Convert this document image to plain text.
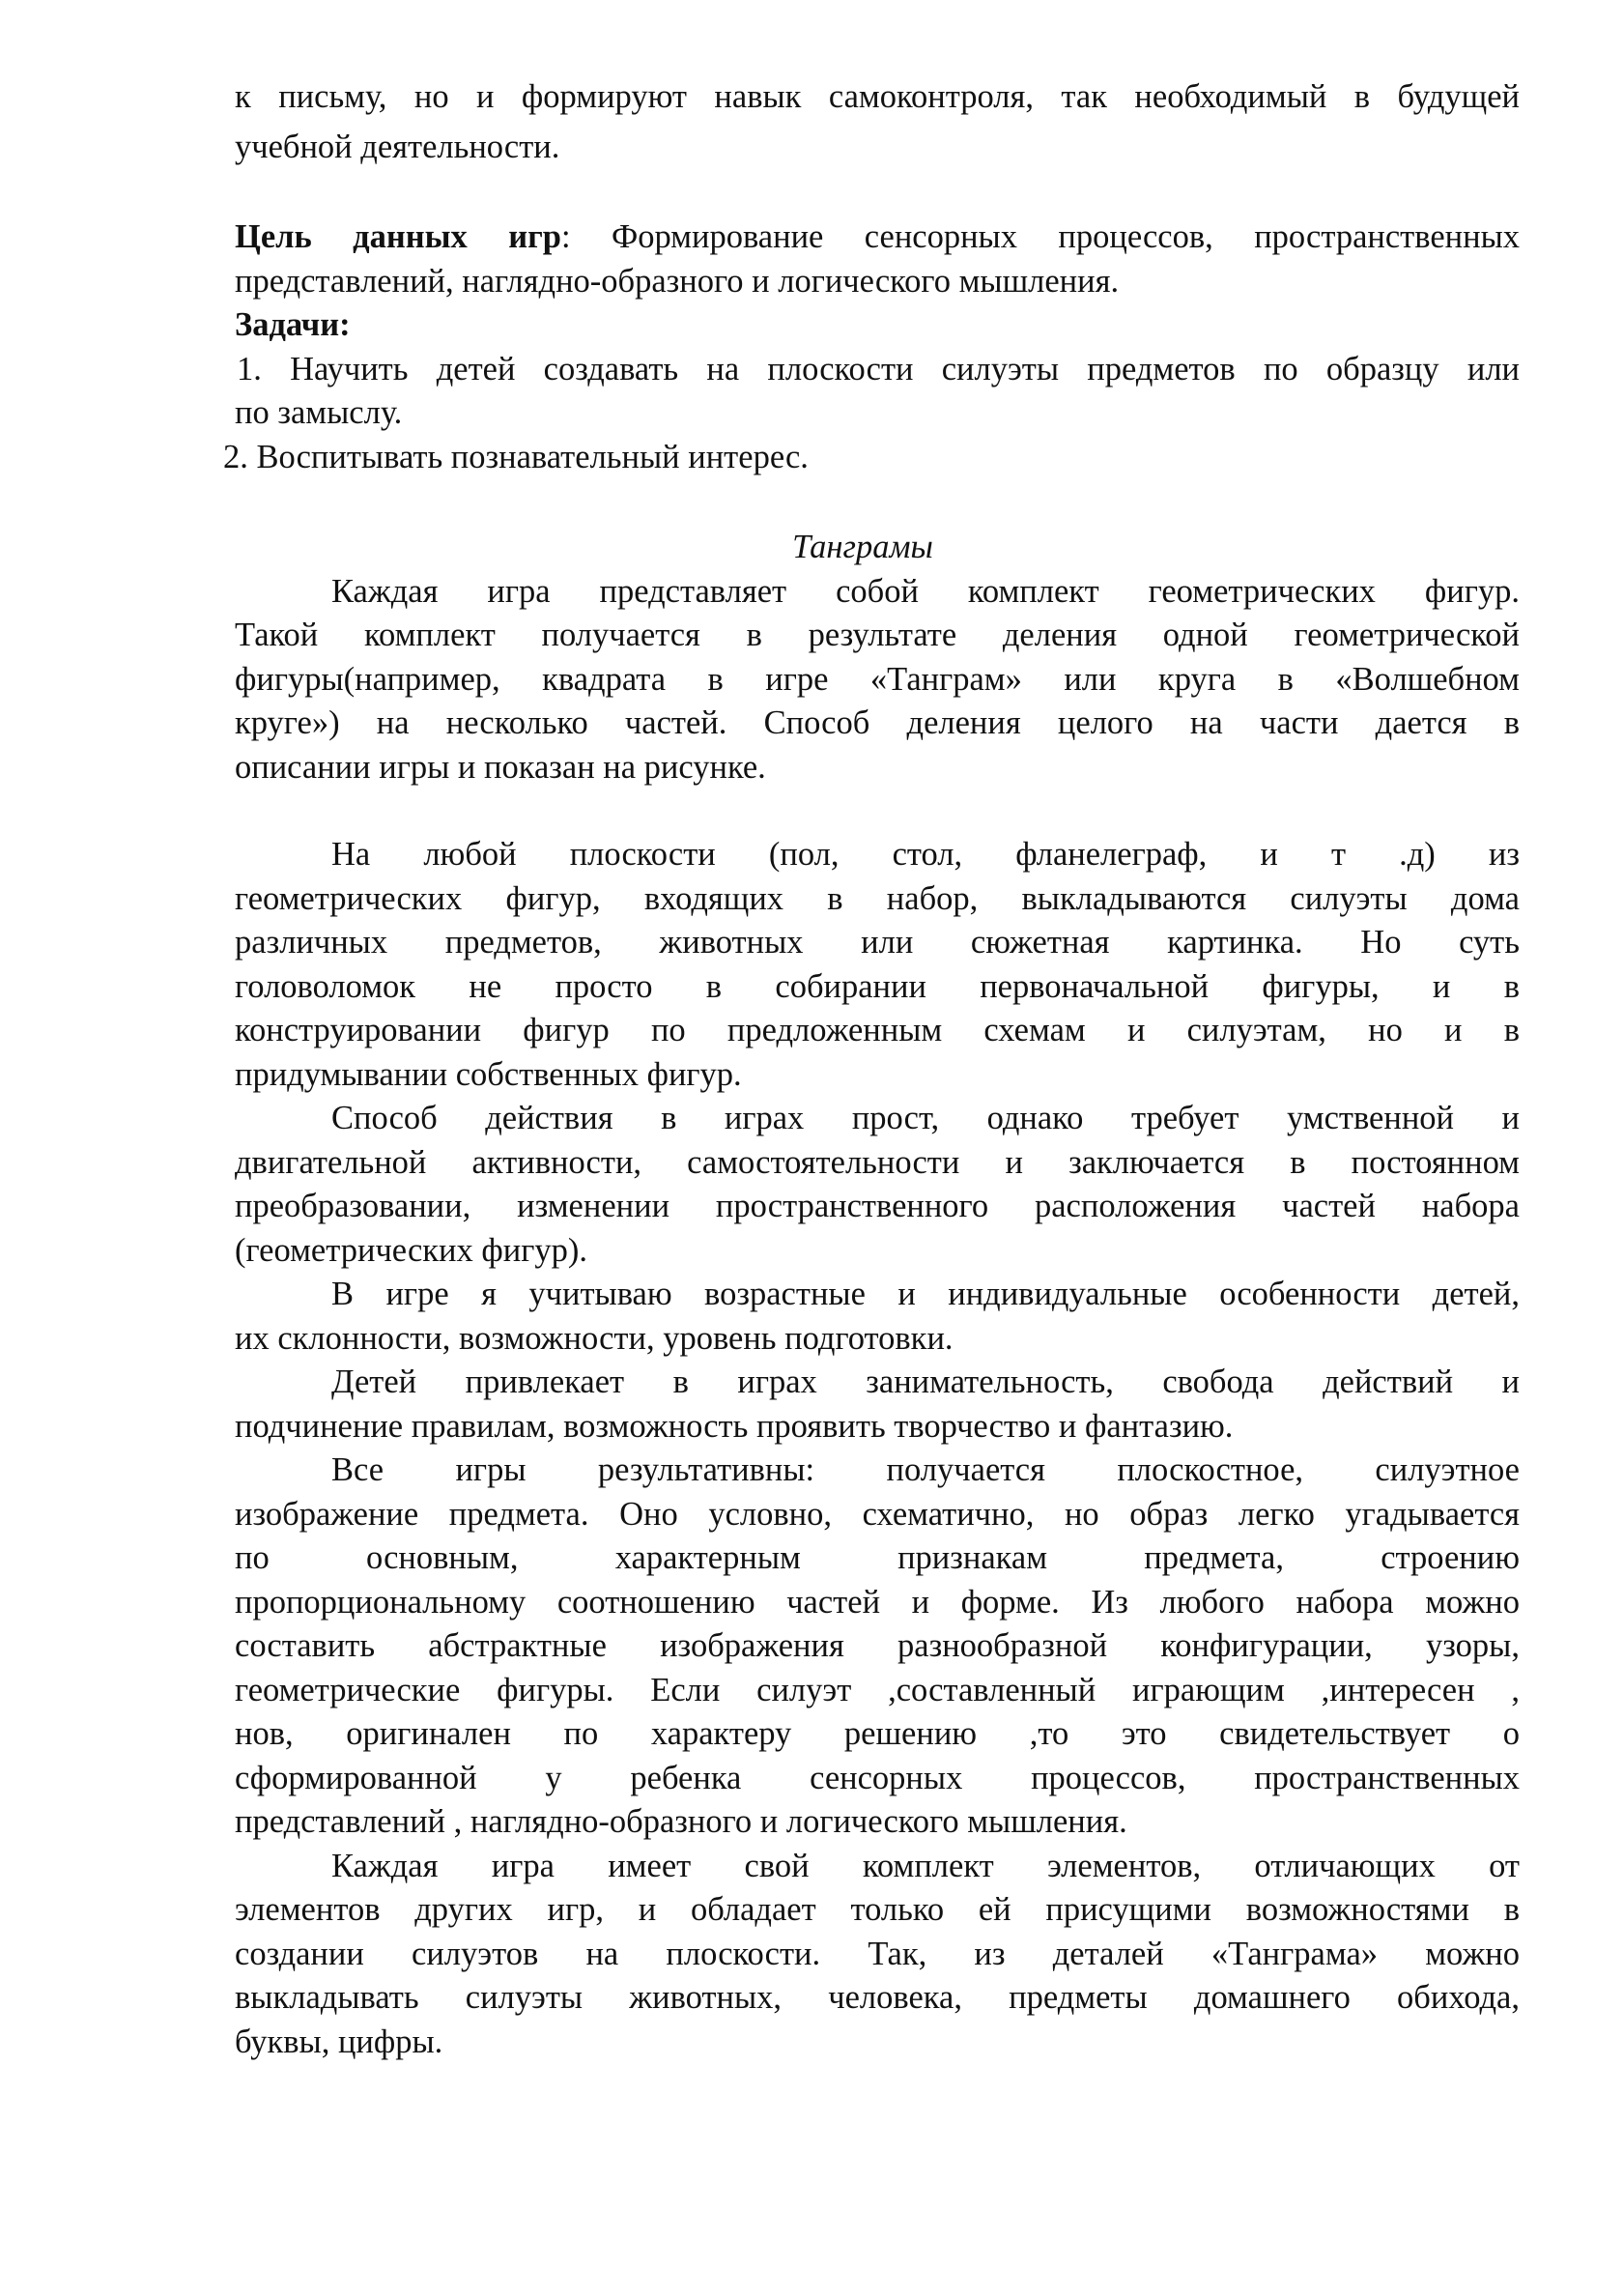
к письму, но и формируют навык самоконтроля, так необходимый в будущей
учебной деятельности.

Цель данных игр: Формирование сенсорных процессов, пространственных
представлений, наглядно-образного и логического мышления.

Задачи:

1. Научить детей создавать на плоскости силуэты предметов по образцу или
по замыслу.

2. Воспитывать познавательный интерес.

Танграмы

Каждая игра представляет собой комплект геометрических фигур.
Такой комплект получается в результате деления одной геометрической
фигуры(например, квадрата в игре «Танграм» или круга в «Волшебном
круге») на несколько частей. Способ деления целого на части дается в
описании игры и показан на рисунке.

На любой плоскости (пол, стол, фланелеграф, и т .д) из
геометрических фигур, входящих в набор, выкладываются силуэты дома
различных предметов, животных или сюжетная картинка. Но суть
головоломок не просто в собирании первоначальной фигуры, и в
конструировании фигур по предложенным схемам и силуэтам, но и в
придумывании собственных фигур.

Способ действия в играх прост, однако требует умственной и
двигательной активности, самостоятельности и заключается в постоянном
преобразовании, изменении пространственного расположения частей набора
(геометрических фигур).

В игре я учитываю возрастные и индивидуальные особенности детей,
их склонности, возможности, уровень подготовки.

Детей привлекает в играх занимательность, свобода действий и
подчинение правилам, возможность проявить творчество и фантазию.

Все игры результативны: получается плоскостное, силуэтное
изображение предмета. Оно условно, схематично, но образ легко угадывается
по основным, характерным признакам предмета, строению
пропорциональному соотношению частей и форме. Из любого набора можно
составить абстрактные изображения разнообразной конфигурации, узоры,
геометрические фигуры. Если силуэт ,составленный играющим ,интересен ,
нов, оригинален по характеру решению ,то это свидетельствует о
сформированной у ребенка сенсорных процессов, пространственных
представлений , наглядно-образного и логического мышления.

Каждая игра имеет свой комплект элементов, отличающих от
элементов других игр, и обладает только ей присущими возможностями в
создании силуэтов на плоскости. Так, из деталей «Танграма» можно
выкладывать силуэты животных, человека, предметы домашнего обихода,
буквы, цифры.
